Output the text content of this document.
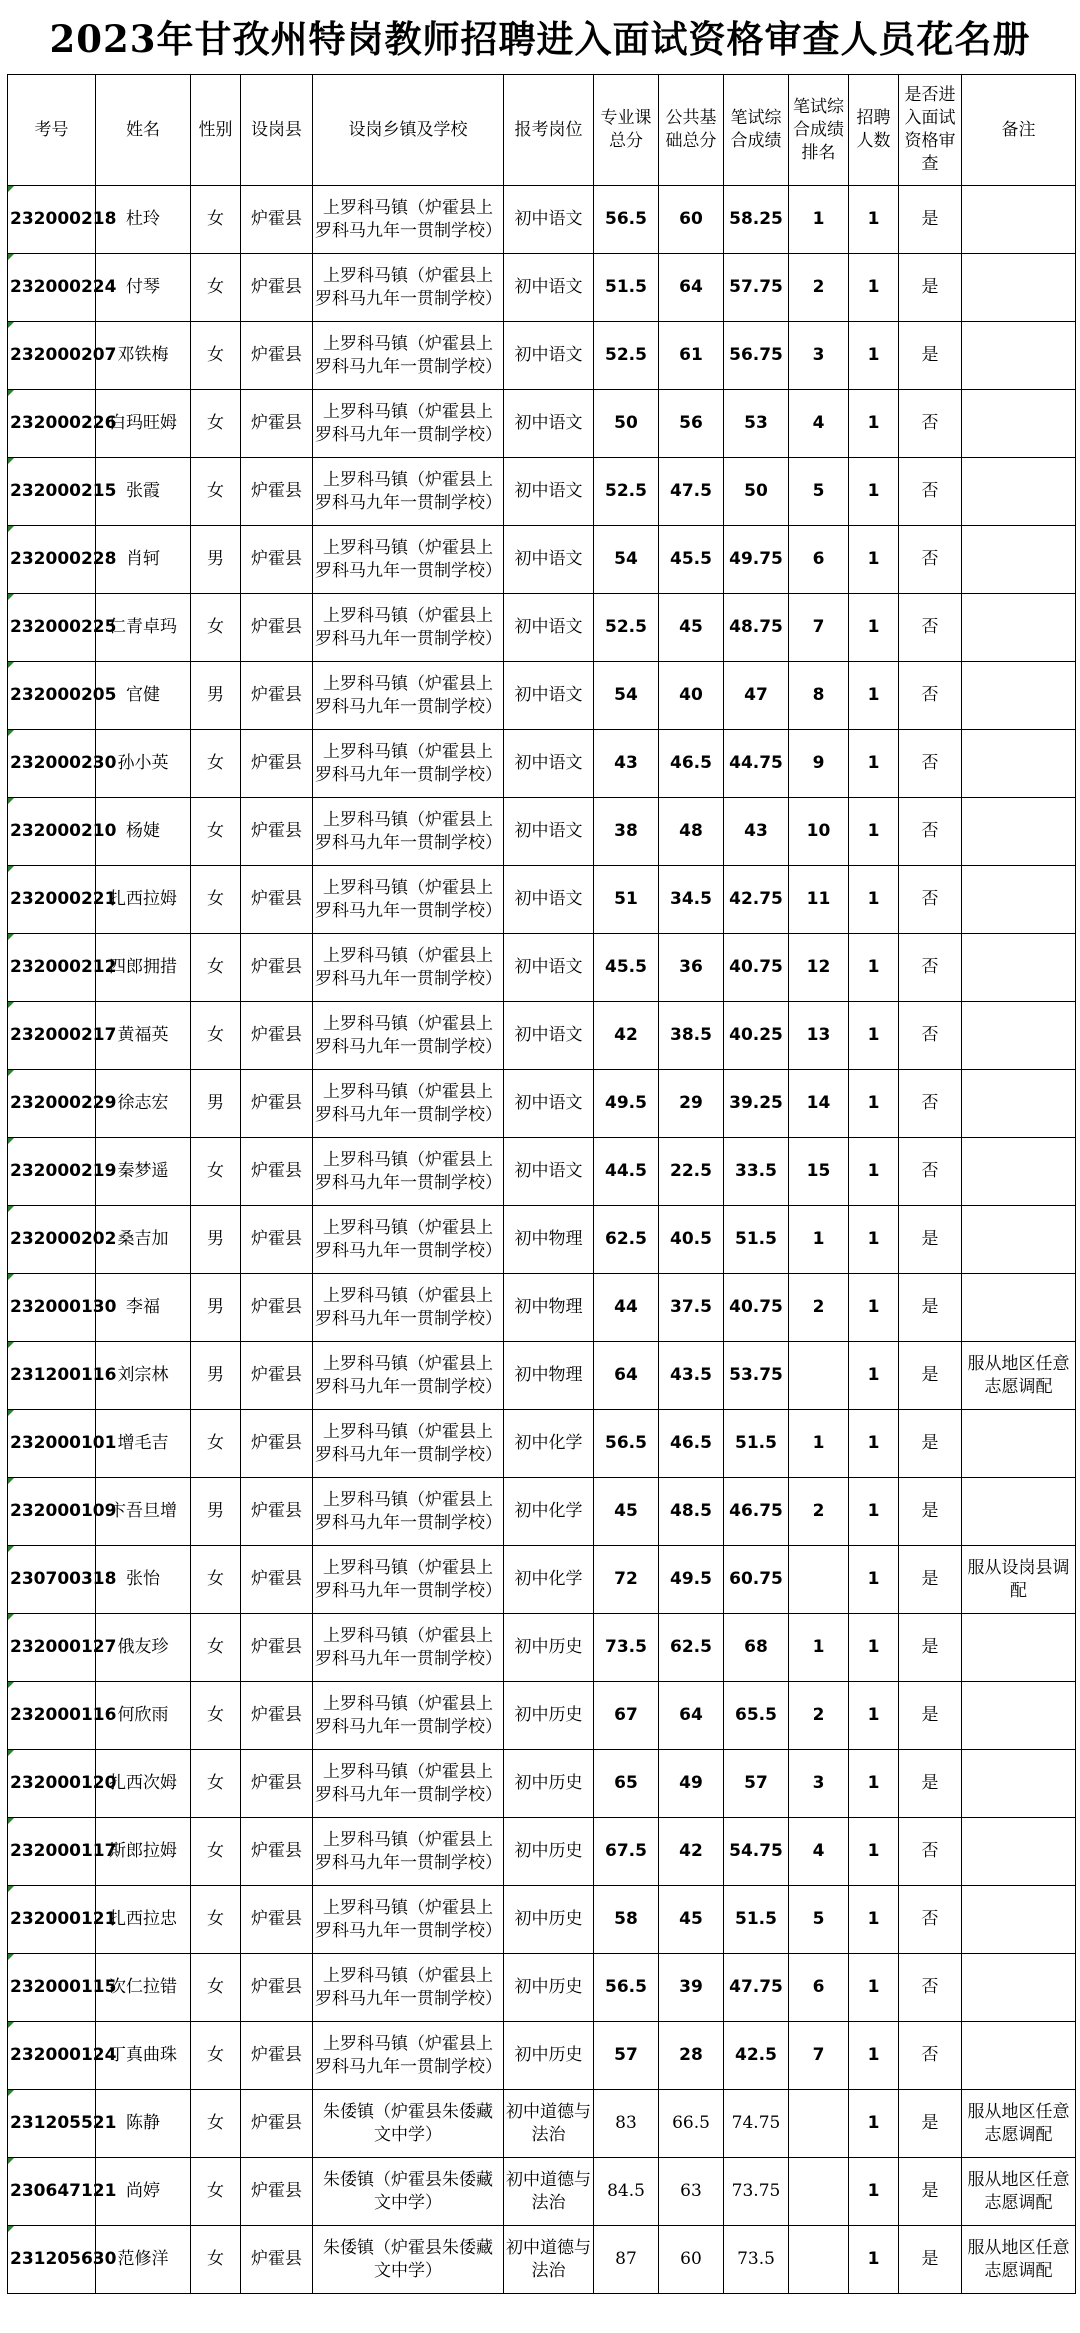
2023年甘孜州特岗教师招聘进入面试资格审查人员花名册
考号	姓名	性别	设岗县	设岗乡镇及学校	报考岗位	专业课总分	公共基础总分	笔试综合成绩	笔试综合成绩排名	招聘人数	是否进入面试资格审查	备注
232000218	杜玲	女	炉霍县	上罗科马镇（炉霍县上罗科马九年一贯制学校）	初中语文	56.5	60	58.25	1	1	是	
232000224	付琴	女	炉霍县	上罗科马镇（炉霍县上罗科马九年一贯制学校）	初中语文	51.5	64	57.75	2	1	是	
232000207	邓铁梅	女	炉霍县	上罗科马镇（炉霍县上罗科马九年一贯制学校）	初中语文	52.5	61	56.75	3	1	是	
232000226	白玛旺姆	女	炉霍县	上罗科马镇（炉霍县上罗科马九年一贯制学校）	初中语文	50	56	53	4	1	否	
232000215	张霞	女	炉霍县	上罗科马镇（炉霍县上罗科马九年一贯制学校）	初中语文	52.5	47.5	50	5	1	否	
232000228	肖轲	男	炉霍县	上罗科马镇（炉霍县上罗科马九年一贯制学校）	初中语文	54	45.5	49.75	6	1	否	
232000225	仁青卓玛	女	炉霍县	上罗科马镇（炉霍县上罗科马九年一贯制学校）	初中语文	52.5	45	48.75	7	1	否	
232000205	官健	男	炉霍县	上罗科马镇（炉霍县上罗科马九年一贯制学校）	初中语文	54	40	47	8	1	否	
232000230	孙小英	女	炉霍县	上罗科马镇（炉霍县上罗科马九年一贯制学校）	初中语文	43	46.5	44.75	9	1	否	
232000210	杨婕	女	炉霍县	上罗科马镇（炉霍县上罗科马九年一贯制学校）	初中语文	38	48	43	10	1	否	
232000221	扎西拉姆	女	炉霍县	上罗科马镇（炉霍县上罗科马九年一贯制学校）	初中语文	51	34.5	42.75	11	1	否	
232000212	四郎拥措	女	炉霍县	上罗科马镇（炉霍县上罗科马九年一贯制学校）	初中语文	45.5	36	40.75	12	1	否	
232000217	黄福英	女	炉霍县	上罗科马镇（炉霍县上罗科马九年一贯制学校）	初中语文	42	38.5	40.25	13	1	否	
232000229	徐志宏	男	炉霍县	上罗科马镇（炉霍县上罗科马九年一贯制学校）	初中语文	49.5	29	39.25	14	1	否	
232000219	秦梦遥	女	炉霍县	上罗科马镇（炉霍县上罗科马九年一贯制学校）	初中语文	44.5	22.5	33.5	15	1	否	
232000202	桑吉加	男	炉霍县	上罗科马镇（炉霍县上罗科马九年一贯制学校）	初中物理	62.5	40.5	51.5	1	1	是	
232000130	李福	男	炉霍县	上罗科马镇（炉霍县上罗科马九年一贯制学校）	初中物理	44	37.5	40.75	2	1	是	
231200116	刘宗林	男	炉霍县	上罗科马镇（炉霍县上罗科马九年一贯制学校）	初中物理	64	43.5	53.75		1	是	服从地区任意志愿调配
232000101	增毛吉	女	炉霍县	上罗科马镇（炉霍县上罗科马九年一贯制学校）	初中化学	56.5	46.5	51.5	1	1	是	
232000109	卞吾旦增	男	炉霍县	上罗科马镇（炉霍县上罗科马九年一贯制学校）	初中化学	45	48.5	46.75	2	1	是	
230700318	张怡	女	炉霍县	上罗科马镇（炉霍县上罗科马九年一贯制学校）	初中化学	72	49.5	60.75		1	是	服从设岗县调配
232000127	俄友珍	女	炉霍县	上罗科马镇（炉霍县上罗科马九年一贯制学校）	初中历史	73.5	62.5	68	1	1	是	
232000116	何欣雨	女	炉霍县	上罗科马镇（炉霍县上罗科马九年一贯制学校）	初中历史	67	64	65.5	2	1	是	
232000120	扎西次姆	女	炉霍县	上罗科马镇（炉霍县上罗科马九年一贯制学校）	初中历史	65	49	57	3	1	是	
232000117	斯郎拉姆	女	炉霍县	上罗科马镇（炉霍县上罗科马九年一贯制学校）	初中历史	67.5	42	54.75	4	1	否	
232000121	扎西拉忠	女	炉霍县	上罗科马镇（炉霍县上罗科马九年一贯制学校）	初中历史	58	45	51.5	5	1	否	
232000115	次仁拉错	女	炉霍县	上罗科马镇（炉霍县上罗科马九年一贯制学校）	初中历史	56.5	39	47.75	6	1	否	
232000124	丁真曲珠	女	炉霍县	上罗科马镇（炉霍县上罗科马九年一贯制学校）	初中历史	57	28	42.5	7	1	否	
231205521	陈静	女	炉霍县	朱倭镇（炉霍县朱倭藏文中学）	初中道德与法治	83	66.5	74.75		1	是	服从地区任意志愿调配
230647121	尚婷	女	炉霍县	朱倭镇（炉霍县朱倭藏文中学）	初中道德与法治	84.5	63	73.75		1	是	服从地区任意志愿调配
231205630	范修洋	女	炉霍县	朱倭镇（炉霍县朱倭藏文中学）	初中道德与法治	87	60	73.5		1	是	服从地区任意志愿调配
